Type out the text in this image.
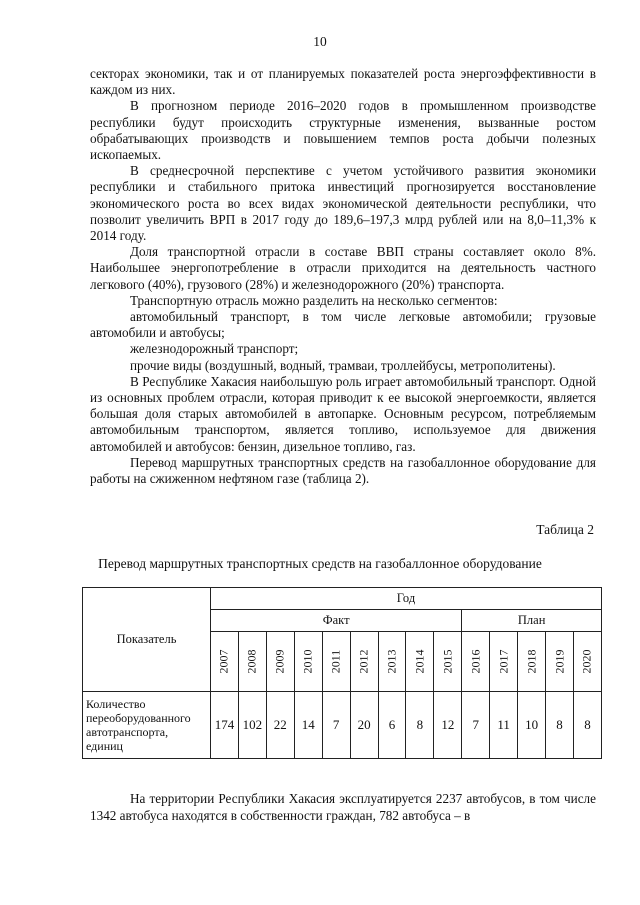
10

секторах экономики, так и от планируемых показателей роста энергоэффективности в каждом из них.

В прогнозном периоде 2016–2020 годов в промышленном производстве республики будут происходить структурные изменения, вызванные ростом обрабатывающих производств и повышением темпов роста добычи полезных ископаемых.

В среднесрочной перспективе с учетом устойчивого развития экономики республики и стабильного притока инвестиций прогнозируется восстановление экономического роста во всех видах экономической деятельности республики, что позволит увеличить ВРП в 2017 году до 189,6–197,3 млрд рублей или на 8,0–11,3% к 2014 году.

Доля транспортной отрасли в составе ВВП страны составляет около 8%. Наибольшее энергопотребление в отрасли приходится на деятельность частного легкового (40%), грузового (28%) и железнодорожного (20%) транспорта.

Транспортную отрасль можно разделить на несколько сегментов:

автомобильный транспорт, в том числе легковые автомобили; грузовые автомобили и автобусы;

железнодорожный транспорт;

прочие виды (воздушный, водный, трамваи, троллейбусы, метрополитены).

В Республике Хакасия наибольшую роль играет автомобильный транспорт. Одной из основных проблем отрасли, которая приводит к ее высокой энергоемкости, является большая доля старых автомобилей в автопарке. Основным ресурсом, потребляемым автомобильным транспортом, является топливо, используемое для движения автомобилей и автобусов: бензин, дизельное топливо, газ.

Перевод маршрутных транспортных средств на газобаллонное оборудование для работы на сжиженном нефтяном газе (таблица 2).

Таблица 2
Перевод маршрутных транспортных средств на газобаллонное оборудование
Показатель	Год													
	Факт									План				
	2007	2008	2009	2010	2011	2012	2013	2014	2015	2016	2017	2018	2019	2020
Количество переоборудованного автотранспорта, единиц	174	102	22	14	7	20	6	8	12	7	11	10	8	8

На территории Республики Хакасия эксплуатируется 2237 автобусов, в том числе 1342 автобуса находятся в собственности граждан, 782 автобуса – в
